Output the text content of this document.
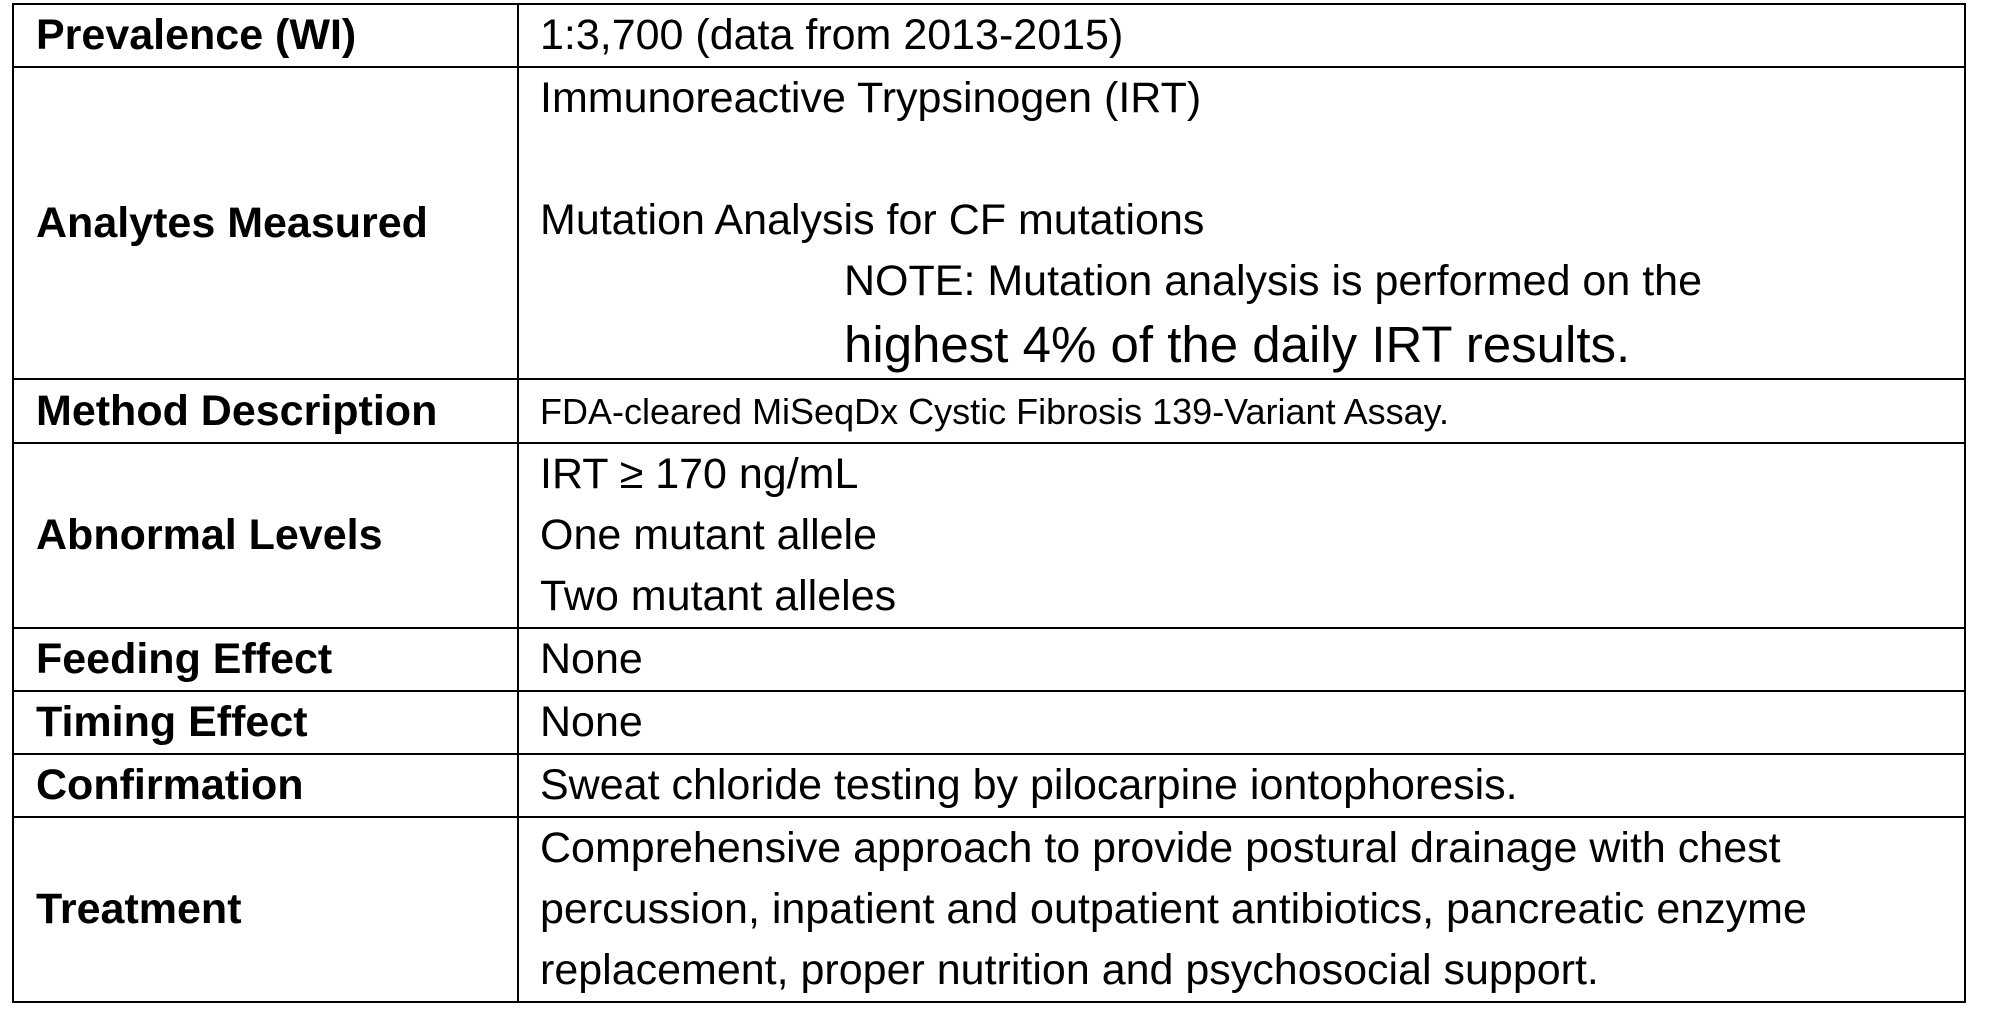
Prevalence (WI)	1:3,700 (data from 2013-2015)
Analytes Measured	Immunoreactive Trypsinogen (IRT)
Mutation Analysis for CF mutations
NOTE: Mutation analysis is performed on the
highest 4% of the daily IRT results.

Method Description	FDA-cleared MiSeqDx Cystic Fibrosis 139-Variant Assay.
Abnormal Levels	IRT ≥ 170 ng/mL
One mutant allele
Two mutant alleles

Feeding Effect	None
Timing Effect	None
Confirmation	Sweat chloride testing by pilocarpine iontophoresis.
Treatment	Comprehensive approach to provide postural drainage with chest
percussion, inpatient and outpatient antibiotics, pancreatic enzyme
replacement, proper nutrition and psychosocial support.
